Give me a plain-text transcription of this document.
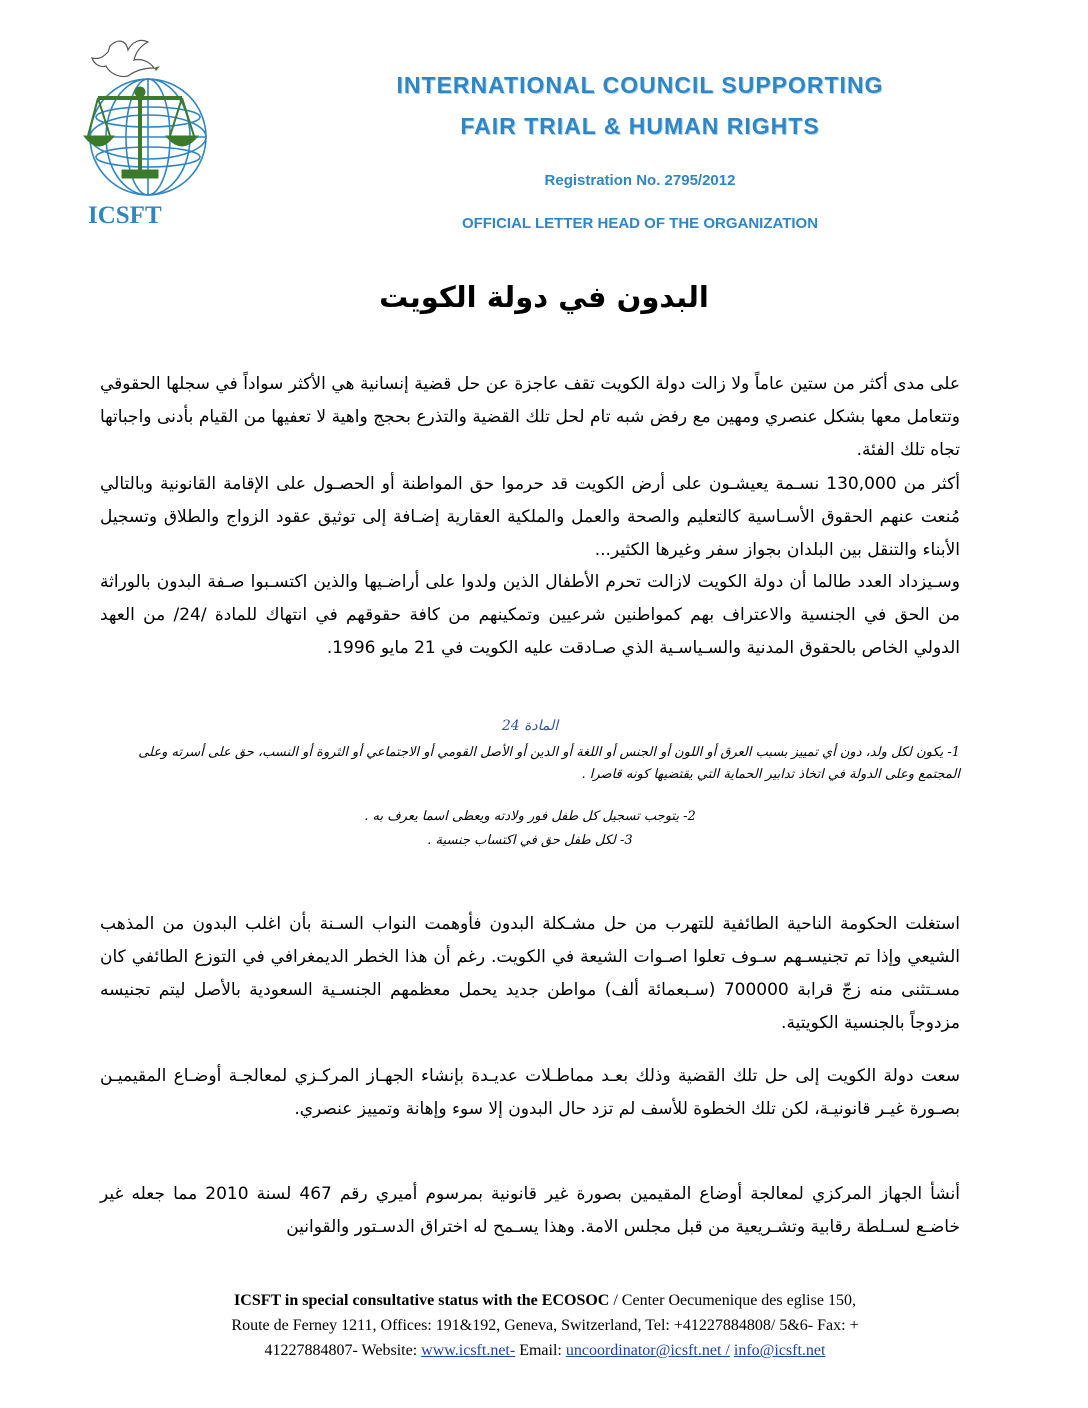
ICSFT
INTERNATIONAL COUNCIL SUPPORTING
FAIR TRIAL & HUMAN RIGHTS
Registration No. 2795/2012
OFFICIAL LETTER HEAD OF THE ORGANIZATION
البدون في دولة الكويت
على مدى أكثر من ستين عاماً ولا زالت دولة الكويت تقف عاجزة عن حل قضية إنسانية هي الأكثر سواداً في سجلها الحقوقي وتتعامل معها بشكل عنصري ومهين مع رفض شبه تام لحل تلك القضية والتذرع بحجج واهية لا تعفيها من القيام بأدنى واجباتها تجاه تلك الفئة.
أكثر من 130,000 نسـمة يعيشـون على أرض الكويت قد حرموا حق المواطنة أو الحصـول على الإقامة القانونية وبالتالي مُنعت عنهم الحقوق الأسـاسية كالتعليم والصحة والعمل والملكية العقارية إضـافة إلى توثيق عقود الزواج والطلاق وتسجيل الأبناء والتنقل بين البلدان بجواز سفر وغيرها الكثير...
وسـيزداد العدد طالما أن دولة الكويت لازالت تحرم الأطفال الذين ولدوا على أراضـيها والذين اكتسـبوا صـفة البدون بالوراثة من الحق في الجنسية والاعتراف بهم كمواطنين شرعيين وتمكينهم من كافة حقوقهم في انتهاك للمادة /24/ من العهد الدولي الخاص بالحقوق المدنية والسـياسـية الذي صـادقت عليه الكويت في 21 مايو 1996.
المادة 24
1- يكون لكل ولد، دون أي تمييز بسبب العرق أو اللون أو الجنس أو اللغة أو الدين أو الأصل القومي أو الاجتماعي أو الثروة أو النسب، حق على أسرته وعلى المجتمع وعلى الدولة في اتخاذ تدابير الحماية التي يقتضيها كونه قاصرا .
2- يتوجب تسجيل كل طفل فور ولادته ويعطى اسما يعرف به .
3- لكل طفل حق في اكتساب جنسية .
استغلت الحكومة الناحية الطائفية للتهرب من حل مشـكلة البدون فأوهمت النواب السـنة بأن اغلب البدون من المذهب الشيعي وإذا تم تجنيسـهم سـوف تعلوا اصـوات الشيعة في الكويت. رغم أن هذا الخطر الديمغرافي في التوزع الطائفي كان مسـتثنى منه زجّ قرابة 700000 (سـبعمائة ألف) مواطن جديد يحمل معظمهم الجنسـية السعودية بالأصل ليتم تجنيسه مزدوجاً بالجنسية الكويتية.
سعت دولة الكويت إلى حل تلك القضية وذلك بعـد مماطـلات عديـدة بإنشاء الجهـاز المركـزي لمعالجـة أوضـاع المقيميـن بصـورة غيـر قانونيـة، لكن تلك الخطوة للأسف لم تزد حال البدون إلا سوء وإهانة وتمييز عنصري.
أنشأ الجهاز المركزي لمعالجة أوضاع المقيمين بصورة غير قانونية بمرسوم أميري رقم 467 لسنة 2010 مما جعله غير خاضـع لسـلطة رقابية وتشـريعية من قبل مجلس الامة. وهذا يسـمح له اختراق الدسـتور والقوانين
ICSFT in special consultative status with the ECOSOC / Center Oecumenique des eglise 150,
Route de Ferney 1211, Offices: 191&192, Geneva, Switzerland, Tel: +41227884808/ 5&6- Fax: +
41227884807- Website: www.icsft.net- Email: uncoordinator@icsft.net / info@icsft.net
